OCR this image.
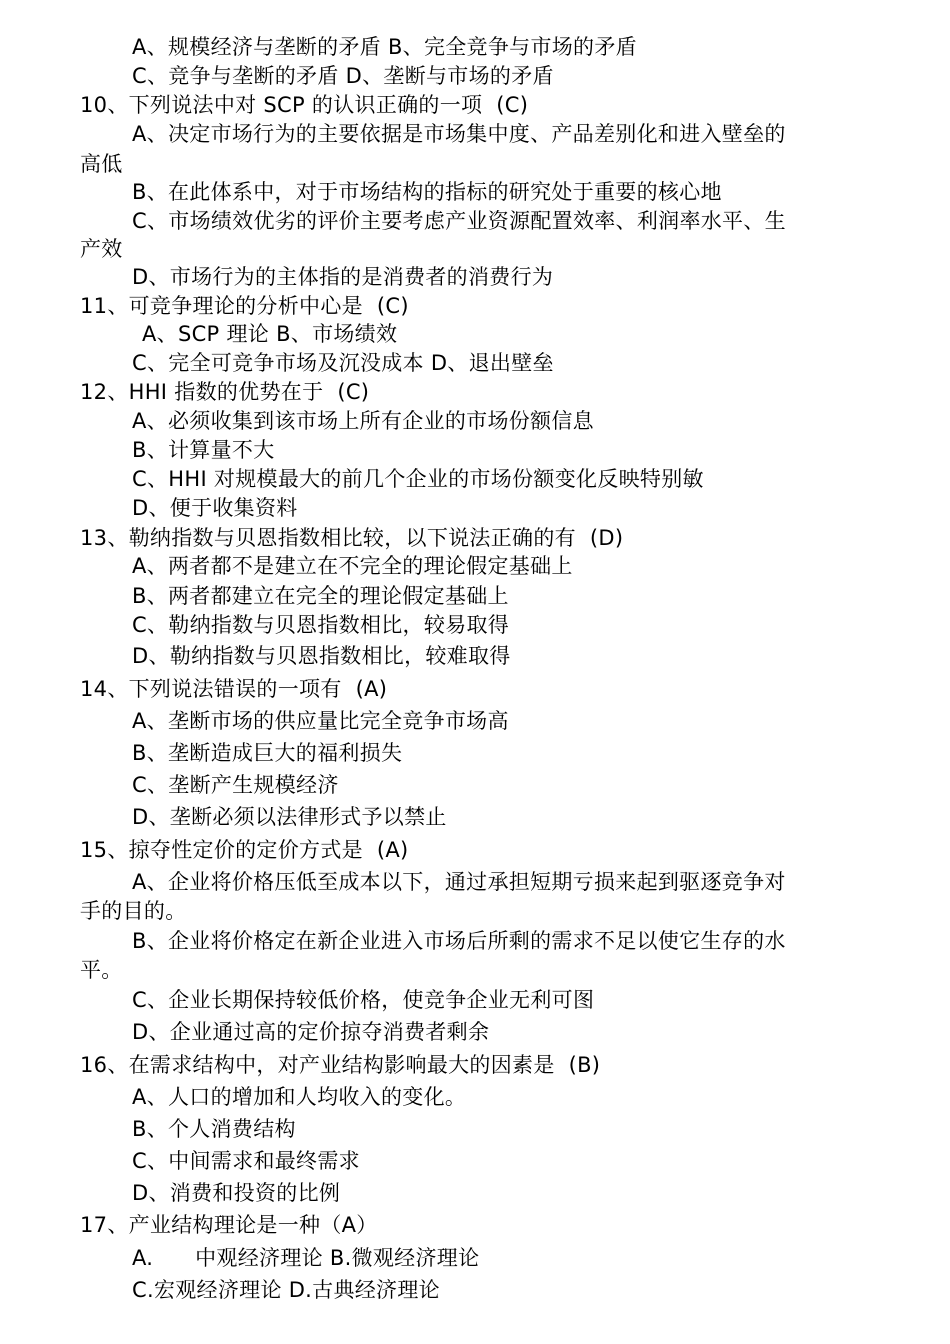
A、规模经济与垄断的矛盾 B、完全竞争与市场的矛盾
C、竞争与垄断的矛盾 D、垄断与市场的矛盾
10、下列说法中对 SCP 的认识正确的一项  (C)
A、决定市场行为的主要依据是市场集中度、产品差别化和进入壁垒的
高低
B、在此体系中，对于市场结构的指标的研究处于重要的核心地
C、市场绩效优劣的评价主要考虑产业资源配置效率、利润率水平、生
产效
D、市场行为的主体指的是消费者的消费行为
11、可竞争理论的分析中心是  (C)
A、SCP 理论 B、市场绩效
C、完全可竞争市场及沉没成本 D、退出壁垒
12、HHI 指数的优势在于  (C)
A、必须收集到该市场上所有企业的市场份额信息
B、计算量不大
C、HHI 对规模最大的前几个企业的市场份额变化反映特别敏
D、便于收集资料
13、勒纳指数与贝恩指数相比较，以下说法正确的有  (D)
A、两者都不是建立在不完全的理论假定基础上
B、两者都建立在完全的理论假定基础上
C、勒纳指数与贝恩指数相比，较易取得
D、勒纳指数与贝恩指数相比，较难取得
14、下列说法错误的一项有  (A)
A、垄断市场的供应量比完全竞争市场高
B、垄断造成巨大的福利损失
C、垄断产生规模经济
D、垄断必须以法律形式予以禁止
15、掠夺性定价的定价方式是  (A)
A、企业将价格压低至成本以下，通过承担短期亏损来起到驱逐竞争对
手的目的。
B、企业将价格定在新企业进入市场后所剩的需求不足以使它生存的水
平。
C、企业长期保持较低价格，使竞争企业无利可图
D、企业通过高的定价掠夺消费者剩余
16、在需求结构中，对产业结构影响最大的因素是  (B)
A、人口的增加和人均收入的变化。
B、个人消费结构
C、中间需求和最终需求
D、消费和投资的比例
17、产业结构理论是一种（A）
A.      中观经济理论 B.微观经济理论
C.宏观经济理论 D.古典经济理论
